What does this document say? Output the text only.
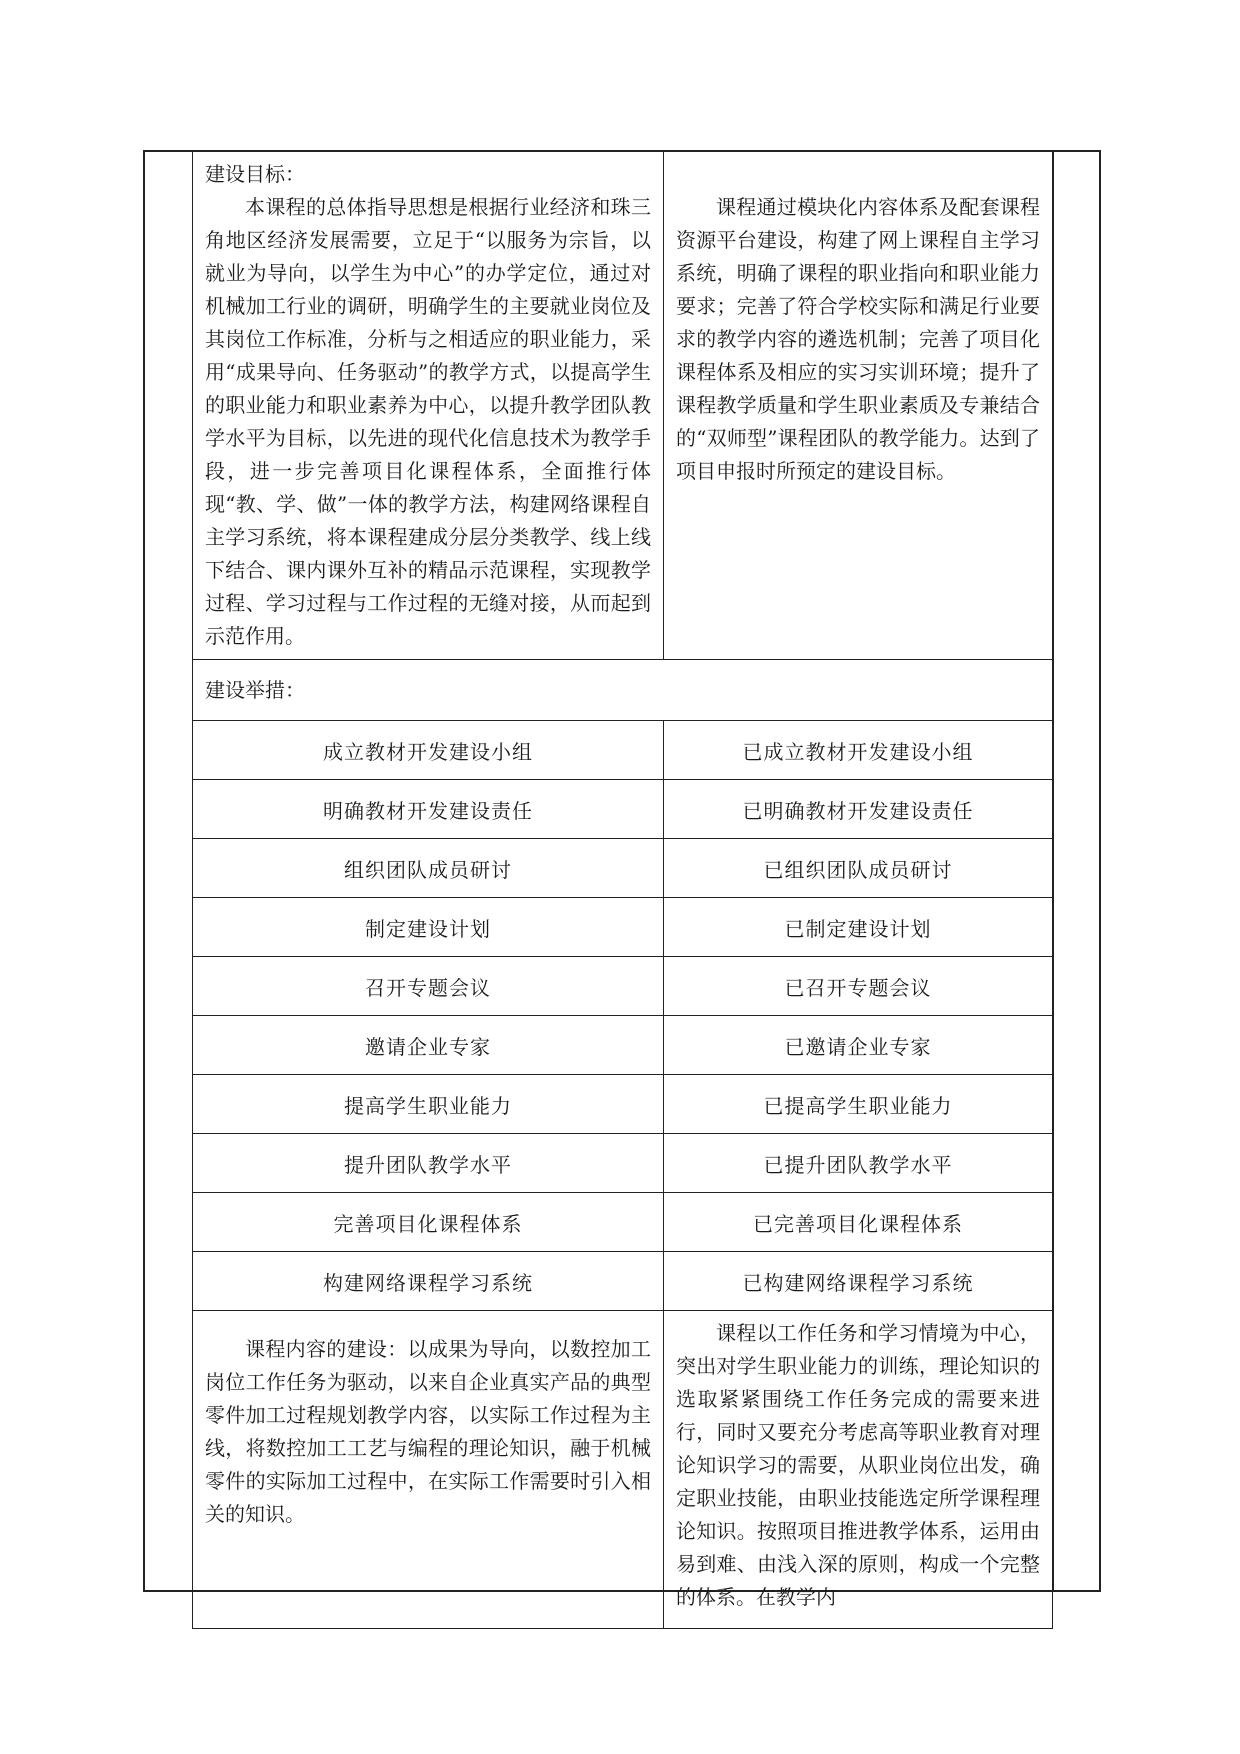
建设目标：

本课程的总体指导思想是根据行业经济和珠三角地区经济发展需要，立足于“以服务为宗旨，以就业为导向，以学生为中心”的办学定位，通过对机械加工行业的调研，明确学生的主要就业岗位及其岗位工作标准，分析与之相适应的职业能力，采用“成果导向、任务驱动”的教学方式，以提高学生的职业能力和职业素养为中心，以提升教学团队教学水平为目标，以先进的现代化信息技术为教学手段，进一步完善项目化课程体系，全面推行体现“教、学、做”一体的教学方法，构建网络课程自主学习系统，将本课程建成分层分类教学、线上线下结合、课内课外互补的精品示范课程，实现教学过程、学习过程与工作过程的无缝对接，从而起到示范作用。	课程通过模块化内容体系及配套课程资源平台建设，构建了网上课程自主学习系统，明确了课程的职业指向和职业能力要求；完善了符合学校实际和满足行业要求的教学内容的遴选机制；完善了项目化课程体系及相应的实习实训环境；提升了课程教学质量和学生职业素质及专兼结合的“双师型”课程团队的教学能力。达到了项目申报时所预定的建设目标。

建设举措：	
成立教材开发建设小组	已成立教材开发建设小组
明确教材开发建设责任	已明确教材开发建设责任
组织团队成员研讨	已组织团队成员研讨
制定建设计划	已制定建设计划
召开专题会议	已召开专题会议
邀请企业专家	已邀请企业专家
提高学生职业能力	已提高学生职业能力
提升团队教学水平	已提升团队教学水平
完善项目化课程体系	已完善项目化课程体系
构建网络课程学习系统	已构建网络课程学习系统

课程内容的建设：以成果为导向，以数控加工岗位工作任务为驱动，以来自企业真实产品的典型零件加工过程规划教学内容，以实际工作过程为主线，将数控加工工艺与编程的理论知识，融于机械零件的实际加工过程中，在实际工作需要时引入相关的知识。	课程以工作任务和学习情境为中心，突出对学生职业能力的训练，理论知识的选取紧紧围绕工作任务完成的需要来进行，同时又要充分考虑高等职业教育对理论知识学习的需要，从职业岗位出发，确定职业技能，由职业技能选定所学课程理论知识。按照项目推进教学体系，运用由易到难、由浅入深的原则，构成一个完整的体系。在教学内
